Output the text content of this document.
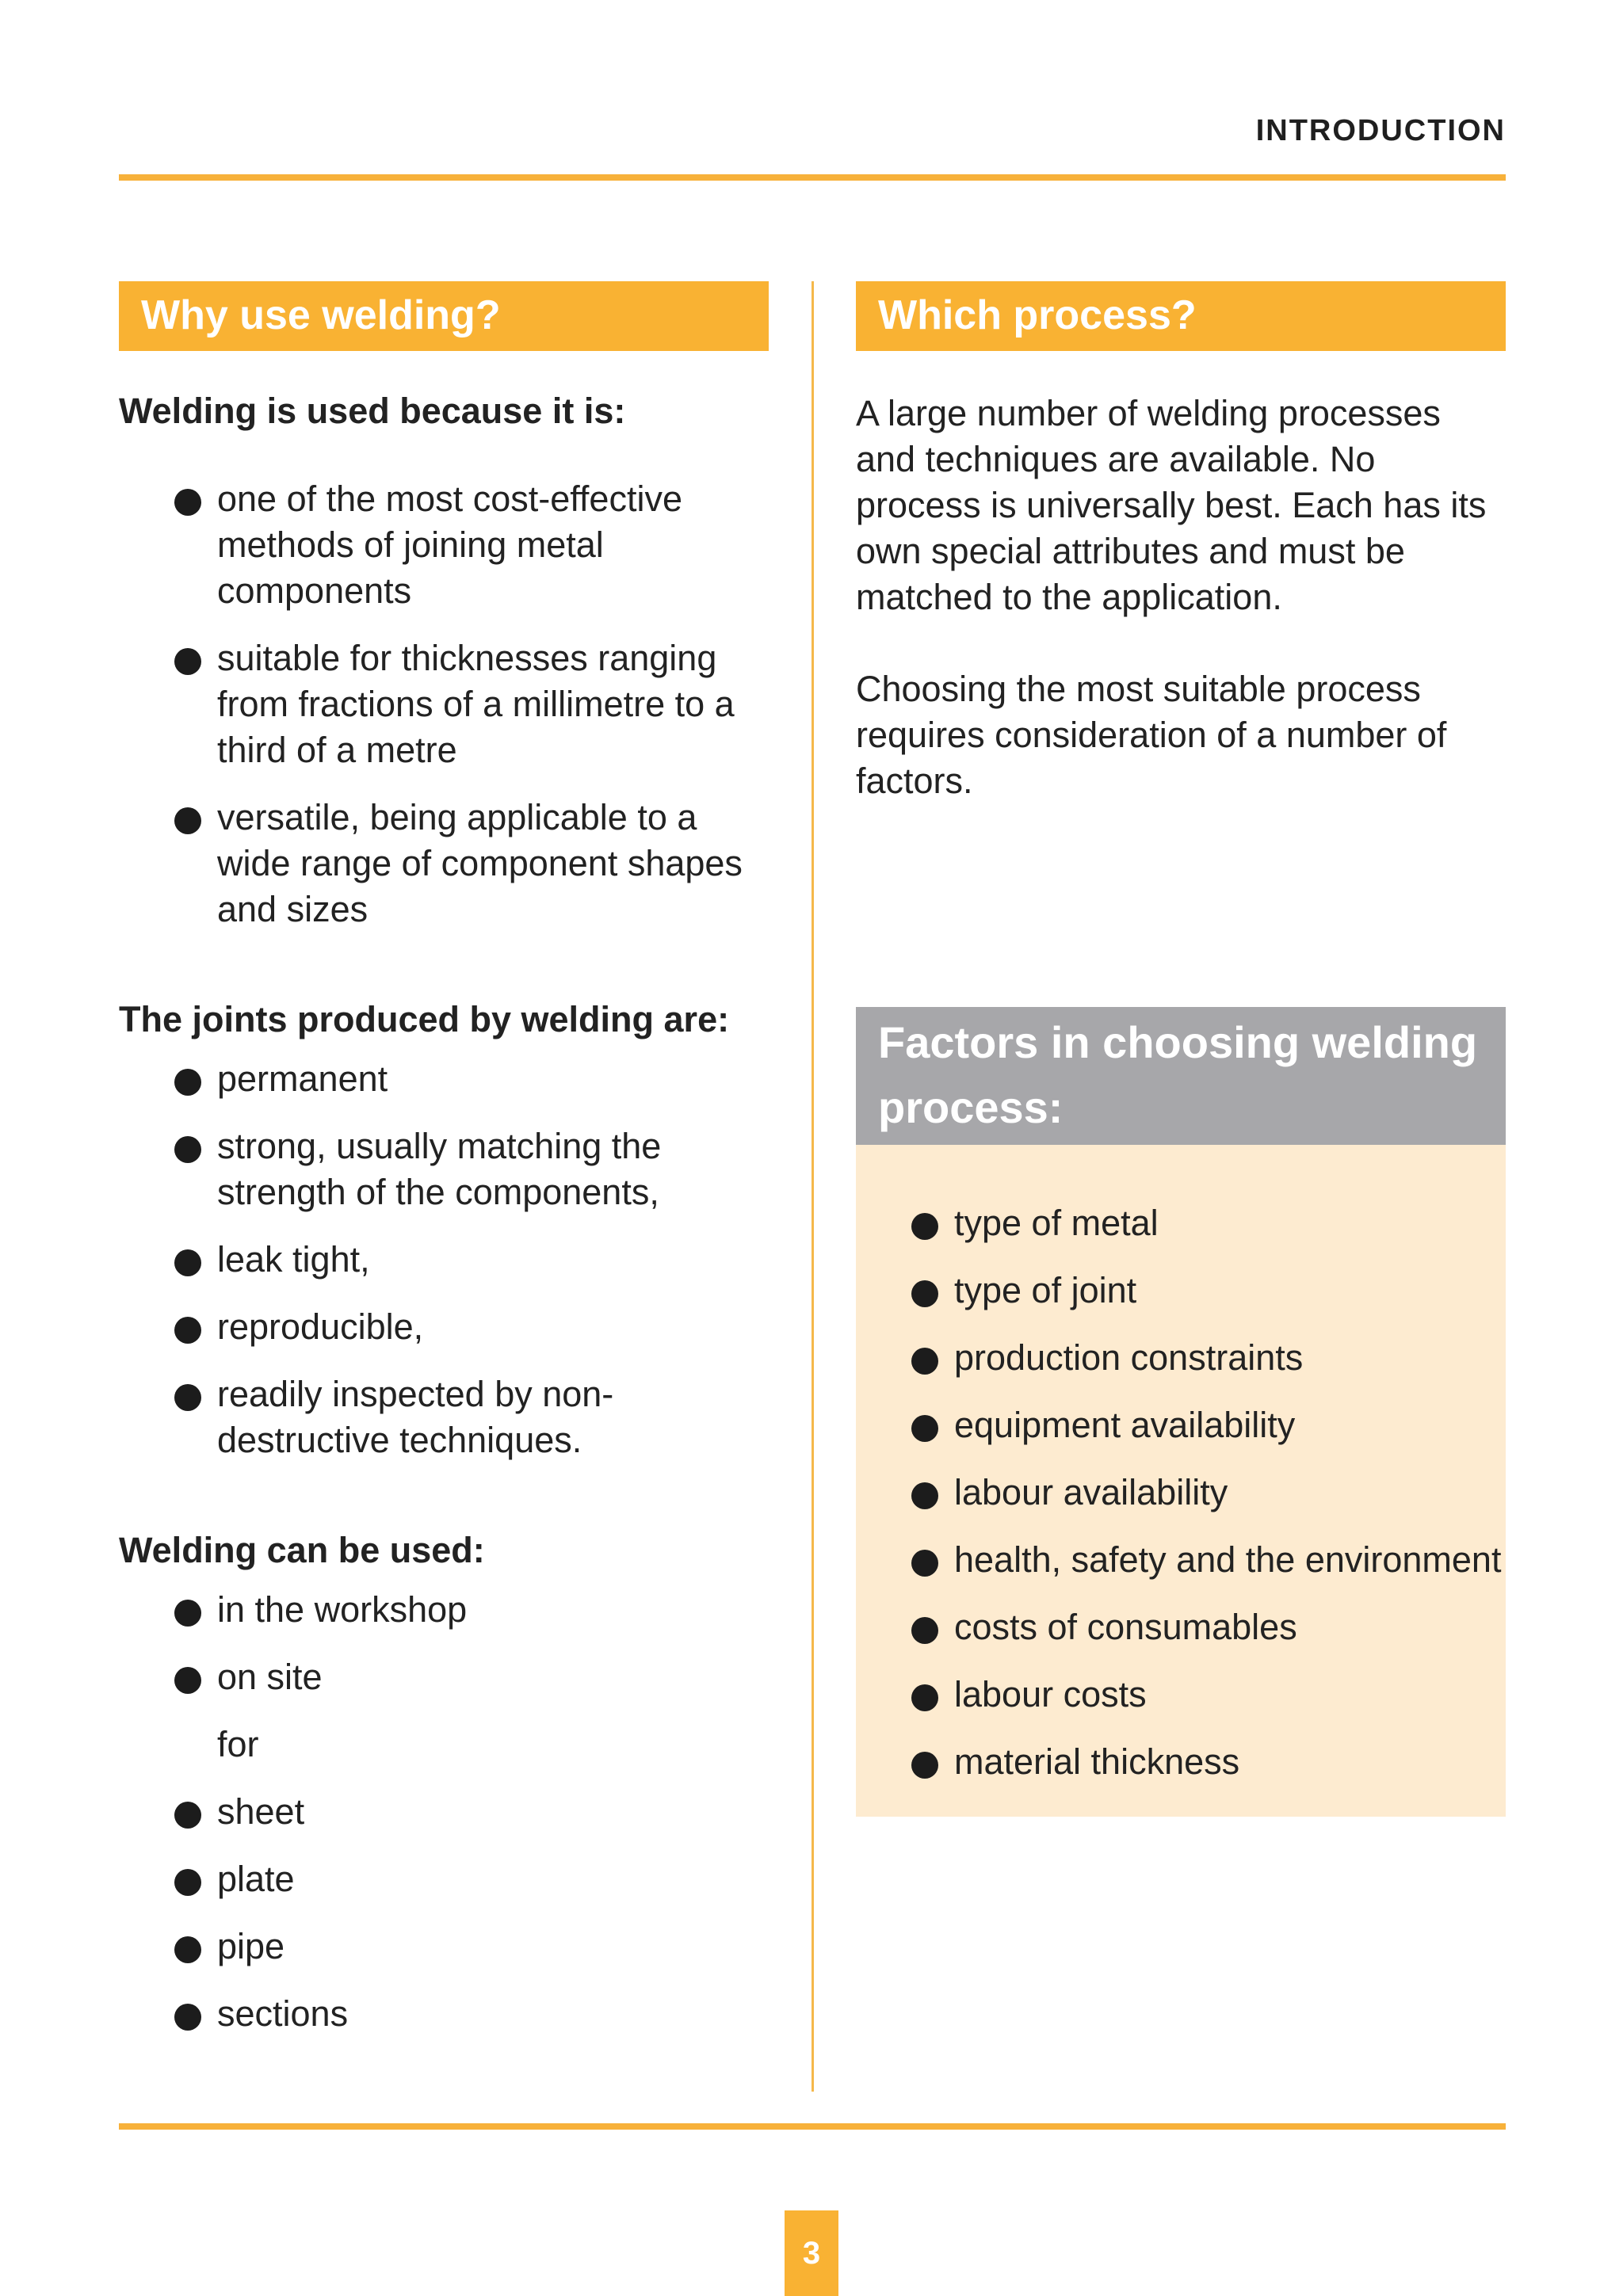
INTRODUCTION
Why use welding?

Welding is used because it is:

one of the most cost-effective methods of joining metal components
suitable for thicknesses ranging from fractions of a millimetre to a third of a metre
versatile, being applicable to a wide range of component shapes and sizes

The joints produced by welding are:

permanent
strong, usually matching the strength of the components,
leak tight,
reproducible,
readily inspected by non-destructive techniques.

Welding can be used:

in the workshop
on site
for
sheet
plate
pipe
sections
Which process?

A large number of welding processes and techniques are available. No process is universally best. Each has its own special attributes and must be matched to the application.

Choosing the most suitable process requires consideration of a number of factors.

Factors in choosing welding process:
type of metal
type of joint
production constraints
equipment availability
labour availability
health, safety and the environment
costs of consumables
labour costs
material thickness
3
